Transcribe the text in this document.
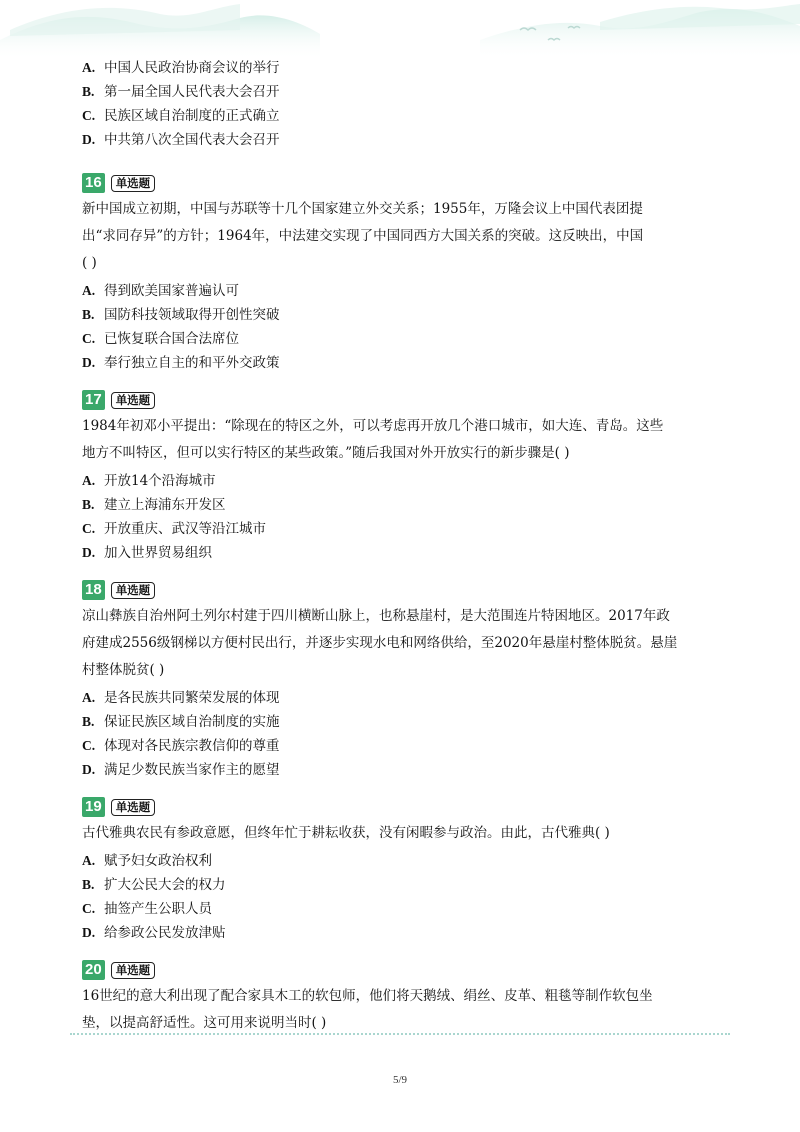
A. 中国人民政治协商会议的举行
B. 第一届全国人民代表大会召开
C. 民族区域自治制度的正式确立
D. 中共第八次全国代表大会召开
16	单选题
新中国成立初期，中国与苏联等十几个国家建立外交关系；1955年，万隆会议上中国代表团提
出“求同存异”的方针；1964年，中法建交实现了中国同西方大国关系的突破。这反映出，中国
( )
A. 得到欧美国家普遍认可
B. 国防科技领域取得开创性突破
C. 已恢复联合国合法席位
D. 奉行独立自主的和平外交政策
17	单选题
1984年初邓小平提出：“除现在的特区之外，可以考虑再开放几个港口城市，如大连、青岛。这些
地方不叫特区，但可以实行特区的某些政策。”随后我国对外开放实行的新步骤是( )
A. 开放14个沿海城市
B. 建立上海浦东开发区
C. 开放重庆、武汉等沿江城市
D. 加入世界贸易组织
18	单选题
凉山彝族自治州阿土列尔村建于四川横断山脉上，也称悬崖村，是大范围连片特困地区。2017年政
府建成2556级钢梯以方便村民出行，并逐步实现水电和网络供给，至2020年悬崖村整体脱贫。悬崖
村整体脱贫( )
A. 是各民族共同繁荣发展的体现
B. 保证民族区域自治制度的实施
C. 体现对各民族宗教信仰的尊重
D. 满足少数民族当家作主的愿望
19	单选题
古代雅典农民有参政意愿，但终年忙于耕耘收获，没有闲暇参与政治。由此，古代雅典( )
A. 赋予妇女政治权利
B. 扩大公民大会的权力
C. 抽签产生公职人员
D. 给参政公民发放津贴
20	单选题
16世纪的意大利出现了配合家具木工的软包师，他们将天鹅绒、绢丝、皮革、粗毯等制作软包坐
垫，以提高舒适性。这可用来说明当时( )
5/9
